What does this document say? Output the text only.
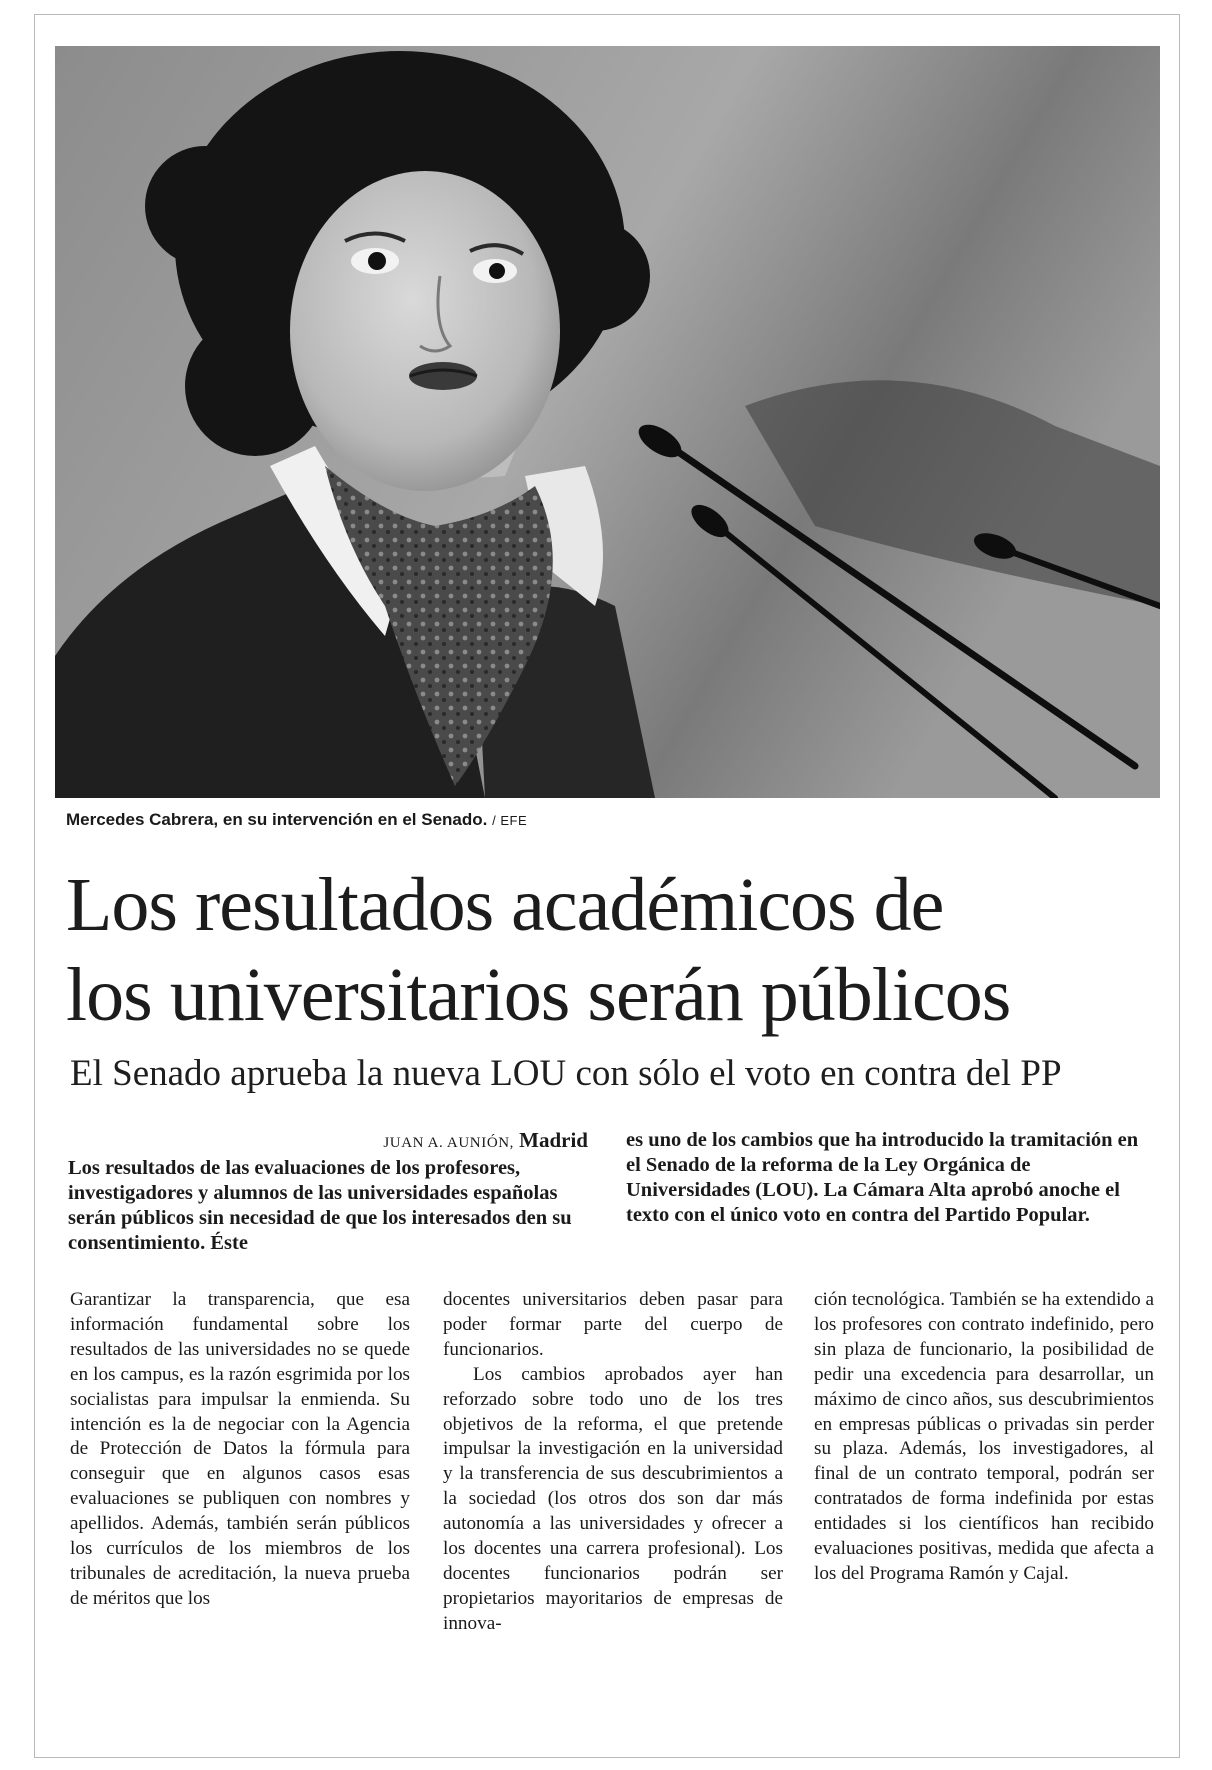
Mercedes Cabrera, en su intervención en el Senado. / EFE
Los resultados académicos de
los universitarios serán públicos
El Senado aprueba la nueva LOU con sólo el voto en contra del PP
JUAN A. AUNIÓN, Madrid
Los resultados de las evaluaciones de los profesores, investigadores y alumnos de las universidades españolas serán públicos sin necesidad de que los interesados den su consentimiento. Éste
es uno de los cambios que ha introducido la tramitación en el Senado de la reforma de la Ley Orgánica de Universidades (LOU). La Cámara Alta aprobó anoche el texto con el único voto en contra del Partido Popular.

Garantizar la transparencia, que esa información fundamental sobre los resultados de las universidades no se quede en los campus, es la razón esgrimida por los socialistas para impulsar la enmienda. Su intención es la de negociar con la Agencia de Protección de Datos la fórmula para conseguir que en algunos casos esas evaluaciones se publiquen con nombres y apellidos. Además, también serán públicos los currículos de los miembros de los tribunales de acreditación, la nueva prueba de méritos que los

docentes universitarios deben pasar para poder formar parte del cuerpo de funcionarios.

Los cambios aprobados ayer han reforzado sobre todo uno de los tres objetivos de la reforma, el que pretende impulsar la investigación en la universidad y la transferencia de sus descubrimientos a la sociedad (los otros dos son dar más autonomía a las universidades y ofrecer a los docentes una carrera profesional). Los docentes funcionarios podrán ser propietarios mayoritarios de empresas de innova-

ción tecnológica. También se ha extendido a los profesores con contrato indefinido, pero sin plaza de funcionario, la posibilidad de pedir una excedencia para desarrollar, un máximo de cinco años, sus descubrimientos en empresas públicas o privadas sin perder su plaza. Además, los investigadores, al final de un contrato temporal, podrán ser contratados de forma indefinida por estas entidades si los científicos han recibido evaluaciones positivas, medida que afecta a los del Programa Ramón y Cajal.
